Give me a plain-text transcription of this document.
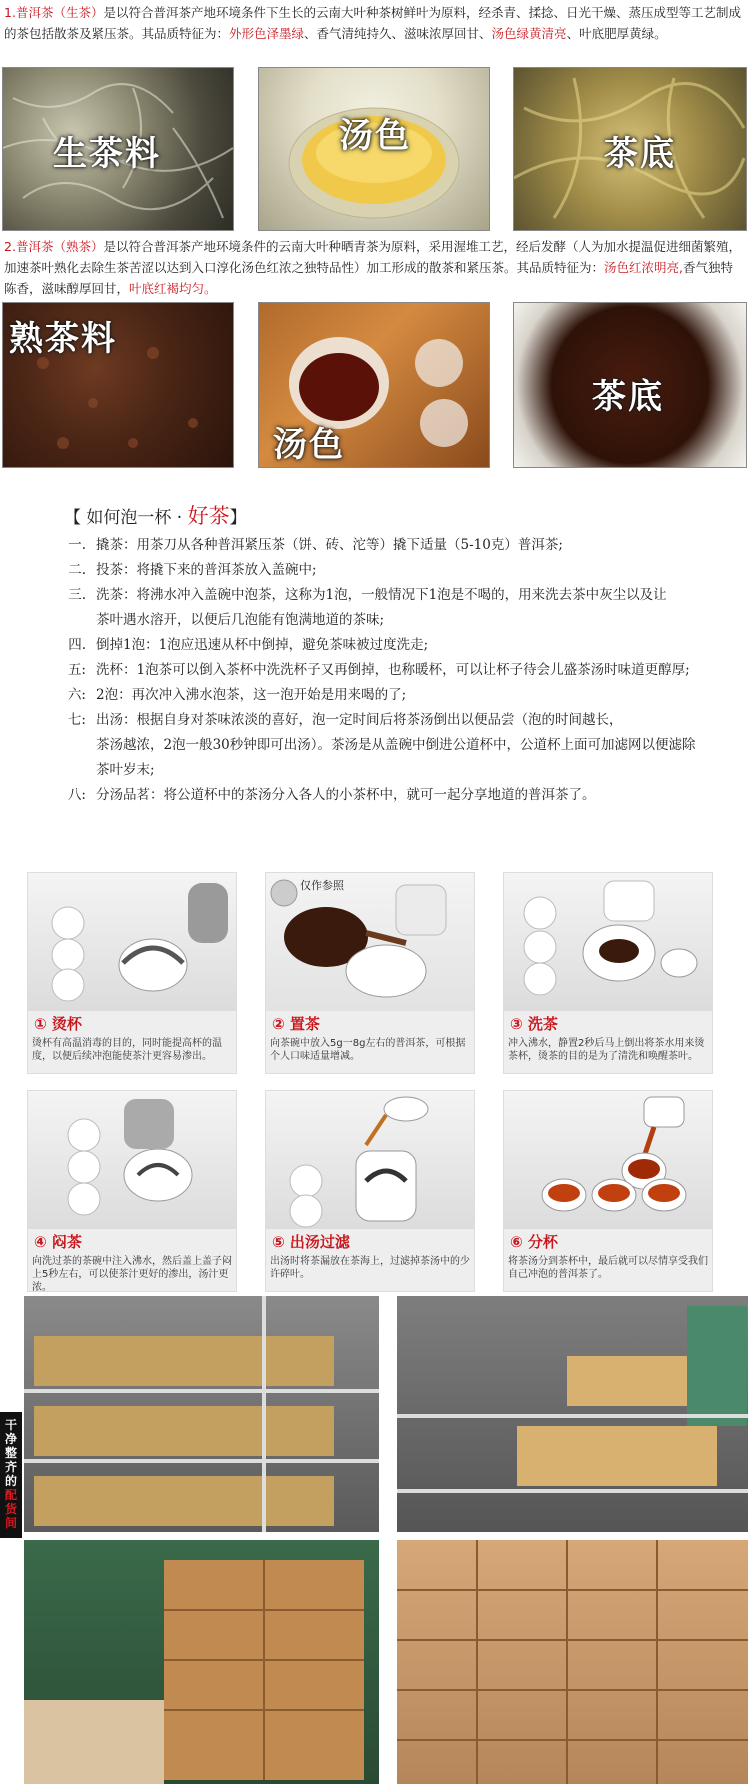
1.普洱茶（生茶）是以符合普洱茶产地环境条件下生长的云南大叶种茶树鲜叶为原料，经杀青、揉捻、日光干燥、蒸压成型等工艺制成的茶包括散茶及紧压茶。其品质特征为：外形色泽墨绿、香气清纯持久、滋味浓厚回甘、汤色绿黄清亮、叶底肥厚黄绿。
生茶料	汤色	茶底
2.普洱茶（熟茶）是以符合普洱茶产地环境条件的云南大叶种晒青茶为原料，采用渥堆工艺，经后发酵（人为加水提温促进细菌繁殖，加速茶叶熟化去除生茶苦涩以达到入口淳化汤色红浓之独特品性）加工形成的散茶和紧压茶。其品质特征为：汤色红浓明亮,香气独特陈香，滋味醇厚回甘，叶底红褐均匀。
熟茶料
汤色
茶底
【 如何泡一杯 · 好茶】
一. 撬茶：用茶刀从各种普洱紧压茶（饼、砖、沱等）撬下适量（5-10克）普洱茶;
二. 投茶：将撬下来的普洱茶放入盖碗中;
三. 洗茶：将沸水冲入盖碗中泡茶，这称为1泡，一般情况下1泡是不喝的，用来洗去茶中灰尘以及让
茶叶遇水溶开，以便后几泡能有饱满地道的茶味;
四. 倒掉1泡：1泡应迅速从杯中倒掉，避免茶味被过度洗走;
五: 洗杯：1泡茶可以倒入茶杯中洗洗杯子又再倒掉，也称暖杯，可以让杯子待会儿盛茶汤时味道更醇厚;
六: 2泡：再次冲入沸水泡茶，这一泡开始是用来喝的了;
七: 出汤：根据自身对茶味浓淡的喜好，泡一定时间后将茶汤倒出以便品尝（泡的时间越长，
茶汤越浓，2泡一般30秒钟即可出汤）。茶汤是从盖碗中倒进公道杯中，公道杯上面可加滤网以便滤除
茶叶岁末;
八: 分汤品茗：将公道杯中的茶汤分入各人的小茶杯中，就可一起分享地道的普洱茶了。
① 烫杯
烫杯有高温消毒的目的，同时能提高杯的温度，以便后续冲泡能使茶汁更容易渗出。
仅作参照
② 置茶
向茶碗中放入5g一8g左右的普洱茶，可根据个人口味适量增减。
③ 洗茶
冲入沸水，静置2秒后马上倒出将茶水用来烫茶杯，烫茶的目的是为了清洗和唤醒茶叶。
④ 闷茶
向洗过茶的茶碗中注入沸水，然后盖上盖子闷上5秒左右，可以使茶汁更好的渗出，汤汁更浓。
⑤ 出汤过滤
出汤时将茶漏放在茶海上，过滤掉茶汤中的少许碎叶。
⑥ 分杯
将茶汤分到茶杯中，最后就可以尽情享受我们自己冲泡的普洱茶了。
干净整齐的
配货间
